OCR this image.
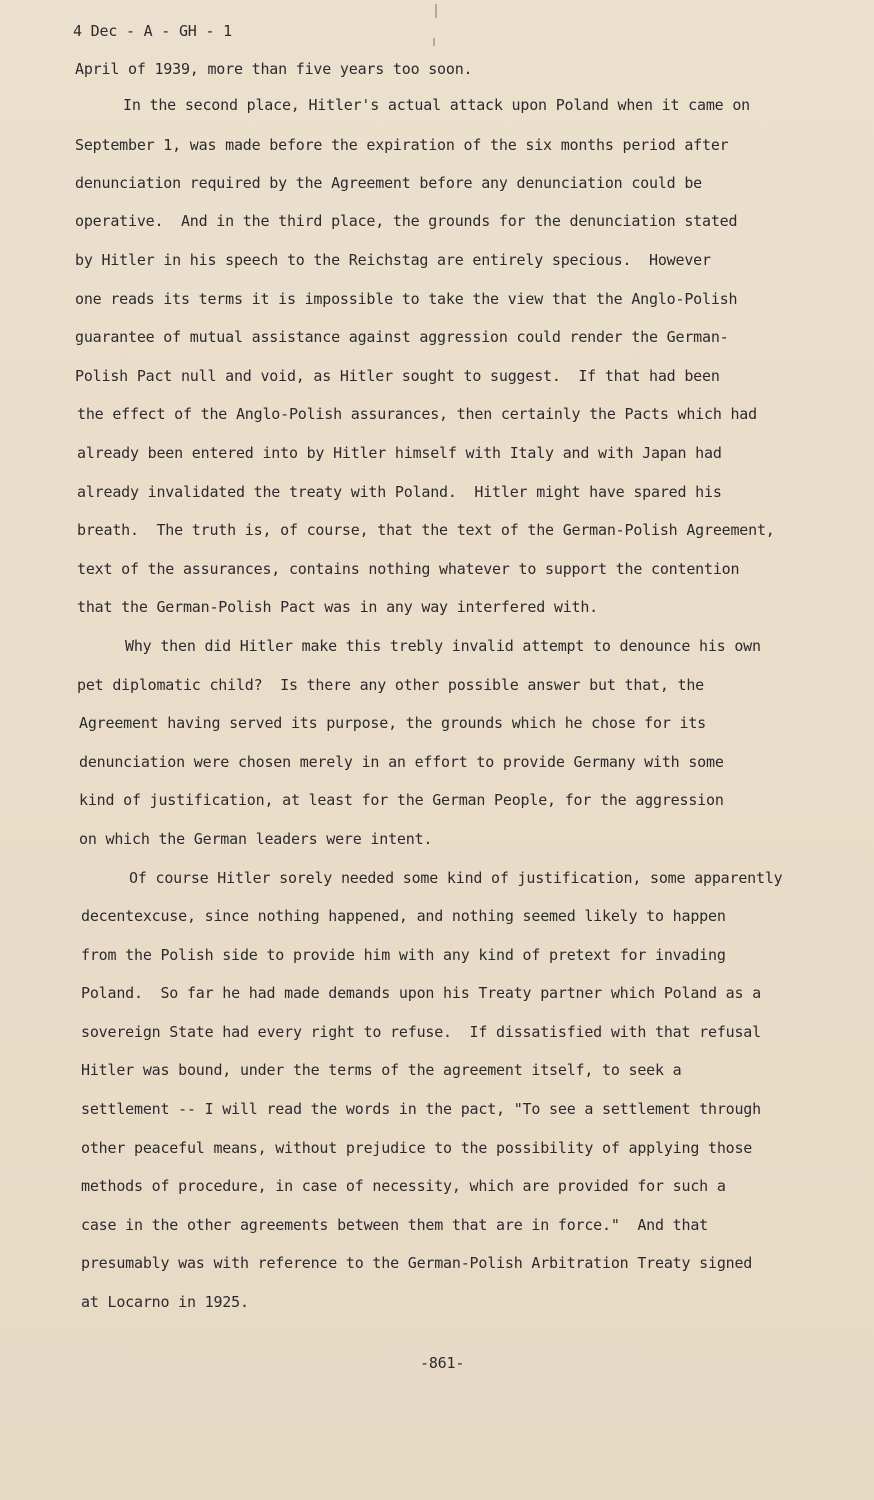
4 Dec - A - GH - 1
April of 1939, more than five years too soon.
In the second place, Hitler's actual attack upon Poland when it came on
September 1, was made before the expiration of the six months period after
denunciation required by the Agreement before any denunciation could be
operative.  And in the third place, the grounds for the denunciation stated
by Hitler in his speech to the Reichstag are entirely specious.  However
one reads its terms it is impossible to take the view that the Anglo-Polish
guarantee of mutual assistance against aggression could render the German-
Polish Pact null and void, as Hitler sought to suggest.  If that had been
the effect of the Anglo-Polish assurances, then certainly the Pacts which had
already been entered into by Hitler himself with Italy and with Japan had
already invalidated the treaty with Poland.  Hitler might have spared his
breath.  The truth is, of course, that the text of the German-Polish Agreement,
text of the assurances, contains nothing whatever to support the contention
that the German-Polish Pact was in any way interfered with.
Why then did Hitler make this trebly invalid attempt to denounce his own
pet diplomatic child?  Is there any other possible answer but that, the
Agreement having served its purpose, the grounds which he chose for its
denunciation were chosen merely in an effort to provide Germany with some
kind of justification, at least for the German People, for the aggression
on which the German leaders were intent.
Of course Hitler sorely needed some kind of justification, some apparently
decentexcuse, since nothing happened, and nothing seemed likely to happen
from the Polish side to provide him with any kind of pretext for invading
Poland.  So far he had made demands upon his Treaty partner which Poland as a
sovereign State had every right to refuse.  If dissatisfied with that refusal
Hitler was bound, under the terms of the agreement itself, to seek a
settlement -- I will read the words in the pact, "To see a settlement through
other peaceful means, without prejudice to the possibility of applying those
methods of procedure, in case of necessity, which are provided for such a
case in the other agreements between them that are in force."  And that
presumably was with reference to the German-Polish Arbitration Treaty signed
at Locarno in 1925.
-861-
